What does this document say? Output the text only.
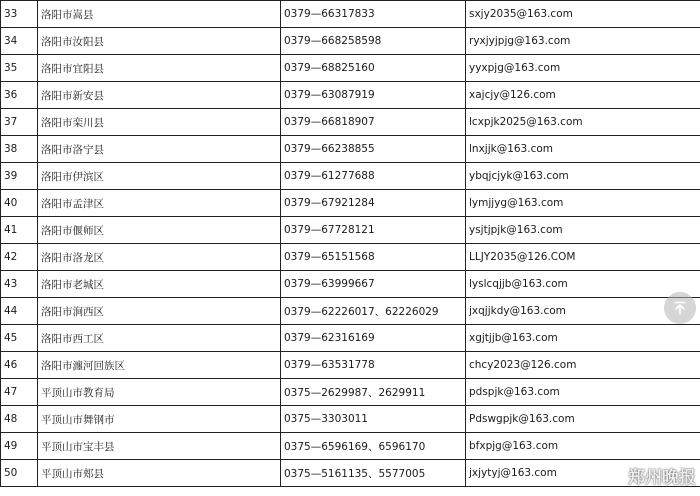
33	洛阳市嵩县	0379—66317833	sxjy2035@163.com
34	洛阳市汝阳县	0379—668258598	ryxjyjpjg@163.com
35	洛阳市宜阳县	0379—68825160	yyxpjg@163.com
36	洛阳市新安县	0379—63087919	xajcjy@126.com
37	洛阳市栾川县	0379—66818907	lcxpjk2025@163.com
38	洛阳市洛宁县	0379—66238855	lnxjjk@163.com
39	洛阳市伊滨区	0379—61277688	ybqjcjyk@163.com
40	洛阳市孟津区	0379—67921284	lymjjyg@163.com
41	洛阳市偃师区	0379—67728121	ysjtjpjk@163.com
42	洛阳市洛龙区	0379—65151568	LLJY2035@126.COM
43	洛阳市老城区	0379—63999667	lyslcqjjb@163.com
44	洛阳市涧西区	0379—62226017、62226029	jxqjjkdy@163.com
45	洛阳市西工区	0379—62316169	xgjtjjb@163.com
46	洛阳市瀍河回族区	0379—63531778	chcy2023@126.com
47	平顶山市教育局	0375—2629987、2629911	pdspjk@163.com
48	平顶山市舞钢市	0375—3303011	Pdswgpjk@163.com
49	平顶山市宝丰县	0375—6596169、6596170	bfxpjg@163.com
50	平顶山市郏县	0375—5161135、5577005	jxjytyj@163.com	郑州晚报
